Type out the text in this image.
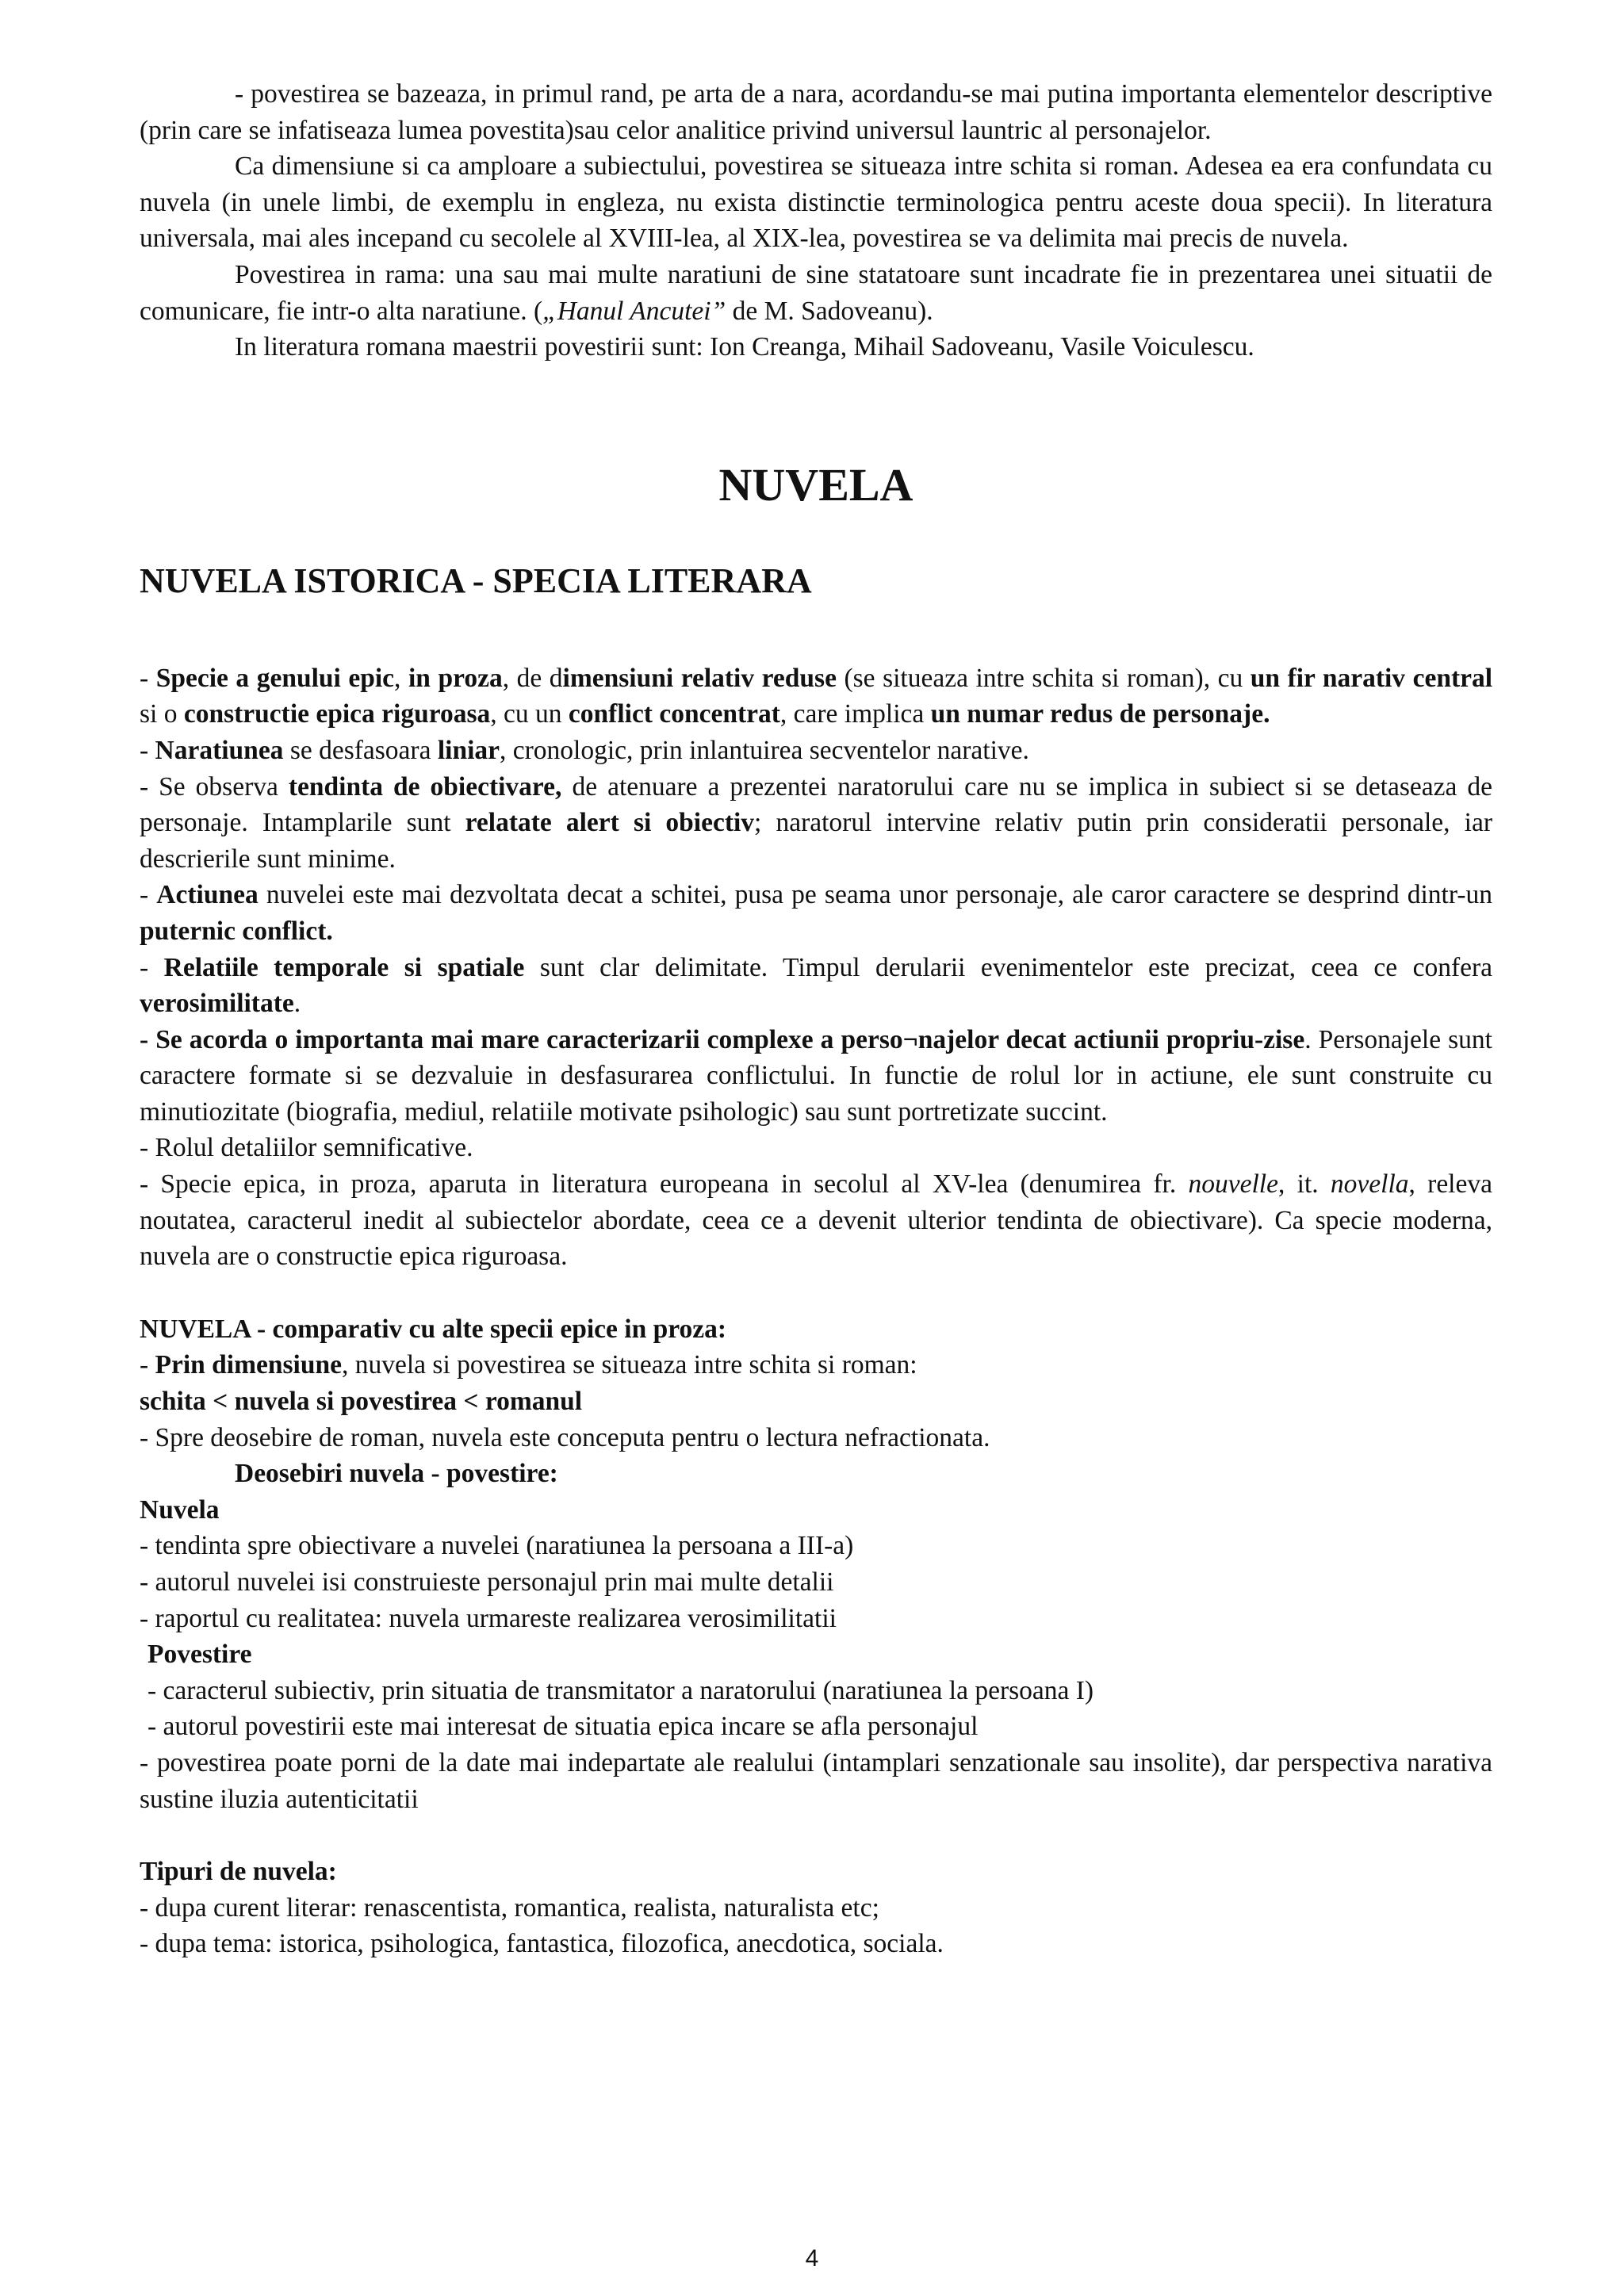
- povestirea se bazeaza, in primul rand, pe arta de a nara, acordandu-se mai putina importanta elementelor descriptive (prin care se infatiseaza lumea povestita)sau celor analitice privind universul launtric al personajelor.

Ca dimensiune si ca amploare a subiectului, povestirea se situeaza intre schita si roman. Adesea ea era confundata cu nuvela (in unele limbi, de exemplu in engleza, nu exista distinctie terminologica pentru aceste doua specii). In literatura universala, mai ales incepand cu secolele al XVIII-lea, al XIX-lea, povestirea se va delimita mai precis de nuvela.

Povestirea in rama: una sau mai multe naratiuni de sine statatoare sunt incadrate fie in prezentarea unei situatii de comunicare, fie intr-o alta naratiune. („Hanul Ancutei” de M. Sadoveanu).

In literatura romana maestrii povestirii sunt: Ion Creanga, Mihail Sadoveanu, Vasile Voiculescu.

NUVELA
NUVELA ISTORICA - SPECIA LITERARA

- Specie a genului epic, in proza, de dimensiuni relativ reduse (se situeaza intre schita si roman), cu un fir narativ central si o constructie epica riguroasa, cu un conflict concentrat, care implica un numar redus de personaje.

- Naratiunea se desfasoara liniar, cronologic, prin inlantuirea secventelor narative.

- Se observa tendinta de obiectivare, de atenuare a prezentei naratorului care nu se implica in subiect si se detaseaza de personaje. Intamplarile sunt relatate alert si obiectiv; naratorul intervine relativ putin prin consideratii personale, iar descrierile sunt minime.

- Actiunea nuvelei este mai dezvoltata decat a schitei, pusa pe seama unor personaje, ale caror caractere se desprind dintr-un puternic conflict.

- Relatiile temporale si spatiale sunt clar delimitate. Timpul derularii evenimentelor este precizat, ceea ce confera verosimilitate.

- Se acorda o importanta mai mare caracterizarii complexe a perso¬najelor decat actiunii propriu-zise. Personajele sunt caractere formate si se dezvaluie in desfasurarea conflictului. In functie de rolul lor in actiune, ele sunt construite cu minutiozitate (biografia, mediul, relatiile motivate psihologic) sau sunt portretizate succint.

- Rolul detaliilor semnificative.

- Specie epica, in proza, aparuta in literatura europeana in secolul al XV-lea (denumirea fr. nouvelle, it. novella, releva noutatea, caracterul inedit al subiectelor abordate, ceea ce a devenit ulterior tendinta de obiectivare). Ca specie moderna, nuvela are o constructie epica riguroasa.

NUVELA - comparativ cu alte specii epice in proza:

- Prin dimensiune, nuvela si povestirea se situeaza intre schita si roman:

schita < nuvela si povestirea < romanul

- Spre deosebire de roman, nuvela este conceputa pentru o lectura nefractionata.

Deosebiri nuvela - povestire:

Nuvela

- tendinta spre obiectivare a nuvelei (naratiunea la persoana a III-a)

- autorul nuvelei isi construieste personajul prin mai multe detalii

- raportul cu realitatea: nuvela urmareste realizarea verosimilitatii

Povestire

- caracterul subiectiv, prin situatia de transmitator a naratorului (naratiunea la persoana I)

- autorul povestirii este mai interesat de situatia epica incare se afla personajul

- povestirea poate porni de la date mai indepartate ale realului (intamplari senzationale sau insolite), dar perspectiva narativa sustine iluzia autenticitatii

Tipuri de nuvela:

- dupa curent literar: renascentista, romantica, realista, naturalista etc;

- dupa tema: istorica, psihologica, fantastica, filozofica, anecdotica, sociala.

4
